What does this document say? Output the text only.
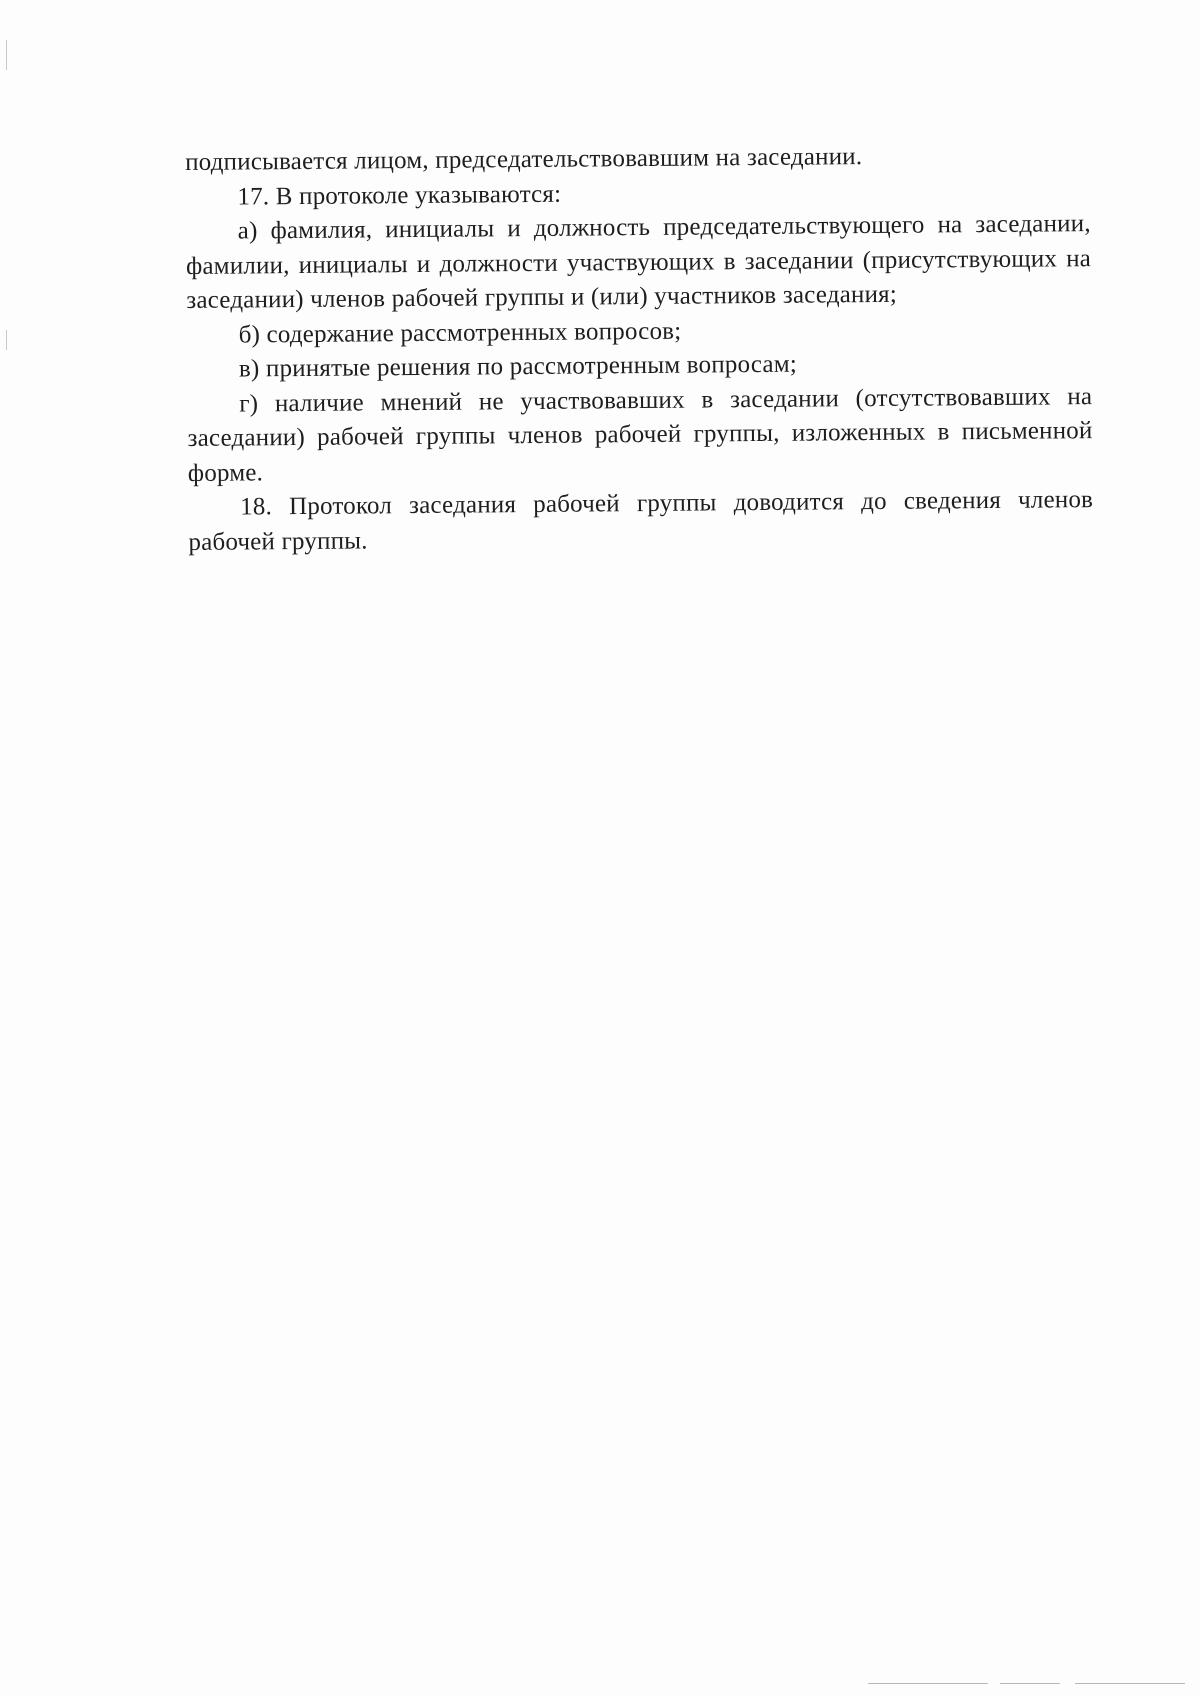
подписывается лицом, председательствовавшим на заседании.

17. В протоколе указываются:

а) фамилия, инициалы и должность председательствующего на заседании, фамилии, инициалы и должности участвующих в заседании (присутствующих на заседании) членов рабочей группы и (или) участников заседания;

б) содержание рассмотренных вопросов;

в) принятые решения по рассмотренным вопросам;

г) наличие мнений не участвовавших в заседании (отсутствовавших на заседании) рабочей группы членов рабочей группы, изложенных в письменной форме.

18. Протокол заседания рабочей группы доводится до сведения членов рабочей группы.
